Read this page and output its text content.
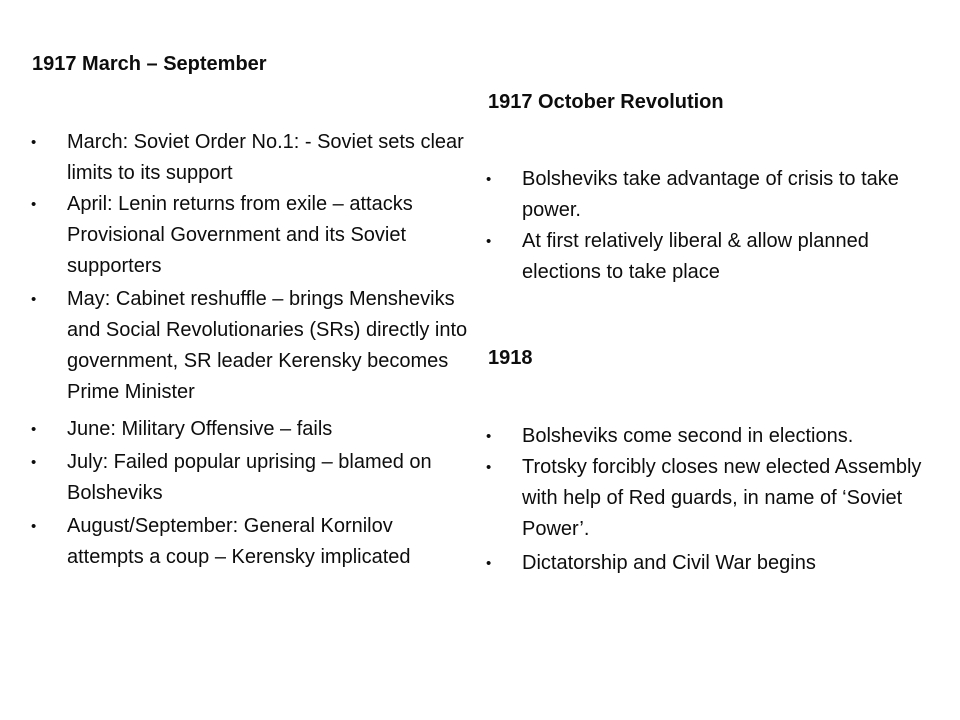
1917 March – September
• March: Soviet Order No.1: - Soviet sets clear limits to its support
• April: Lenin returns from exile – attacks Provisional Government and its Soviet supporters
• May: Cabinet reshuffle – brings Mensheviks and Social Revolutionaries (SRs) directly into government, SR leader Kerensky becomes Prime Minister
• June: Military Offensive – fails
• July: Failed popular uprising – blamed on Bolsheviks
• August/September: General Kornilov attempts a coup – Kerensky implicated
1917 October Revolution
• Bolsheviks take advantage of crisis to take power.
• At first relatively liberal & allow planned elections to take place
1918
• Bolsheviks come second in elections.
• Trotsky forcibly closes new elected Assembly with help of Red guards, in name of ‘Soviet Power’.
• Dictatorship and Civil War begins
